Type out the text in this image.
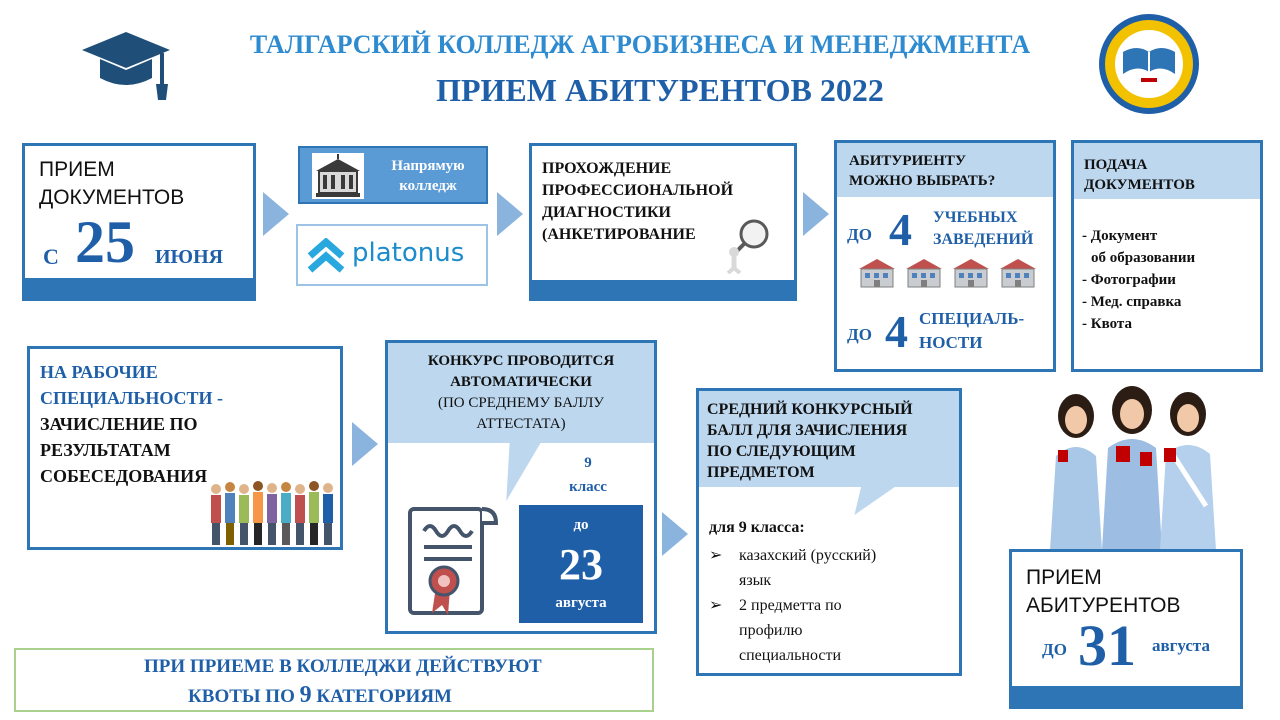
ТАЛГАРСКИЙ КОЛЛЕДЖ АГРОБИЗНЕСА И МЕНЕДЖМЕНТА
ПРИЕМ АБИТУРЕНТОВ 2022
ПРИЕМ
ДОКУМЕНТОВ
С 25 ИЮНЯ
Напрямую
колледж
platonus
ПРОХОЖДЕНИЕ
ПРОФЕССИОНАЛЬНОЙ
ДИАГНОСТИКИ
(АНКЕТИРОВАНИЕ
АБИТУРИЕНТУ
МОЖНО ВЫБРАТЬ?
ДО 4 УЧЕБНЫХ
ЗАВЕДЕНИЙ
ДО 4 СПЕЦИАЛЬ-
НОСТИ
ПОДАЧА
ДОКУМЕНТОВ
- Документ
об образовании
- Фотографии
- Мед. справка
- Квота
НА РАБОЧИЕ
СПЕЦИАЛЬНОСТИ -
ЗАЧИСЛЕНИЕ ПО
РЕЗУЛЬТАТАМ
СОБЕСЕДОВАНИЯ
КОНКУРС ПРОВОДИТСЯ
АВТОМАТИЧЕСКИ
(ПО СРЕДНЕМУ БАЛЛУ
АТТЕСТАТА)
9
класс
до
23
августа
СРЕДНИЙ КОНКУРСНЫЙ
БАЛЛ ДЛЯ ЗАЧИСЛЕНИЯ
ПО СЛЕДУЮЩИМ
ПРЕДМЕТОМ
для 9 класса:
➢ казахский (русский)
язык
➢ 2 предметта по
профилю
специальности
ПРИЕМ
АБИТУРЕНТОВ
ДО 31 августа
ПРИ ПРИЕМЕ В КОЛЛЕДЖИ ДЕЙСТВУЮТ
КВОТЫ ПО 9 КАТЕГОРИЯМ
